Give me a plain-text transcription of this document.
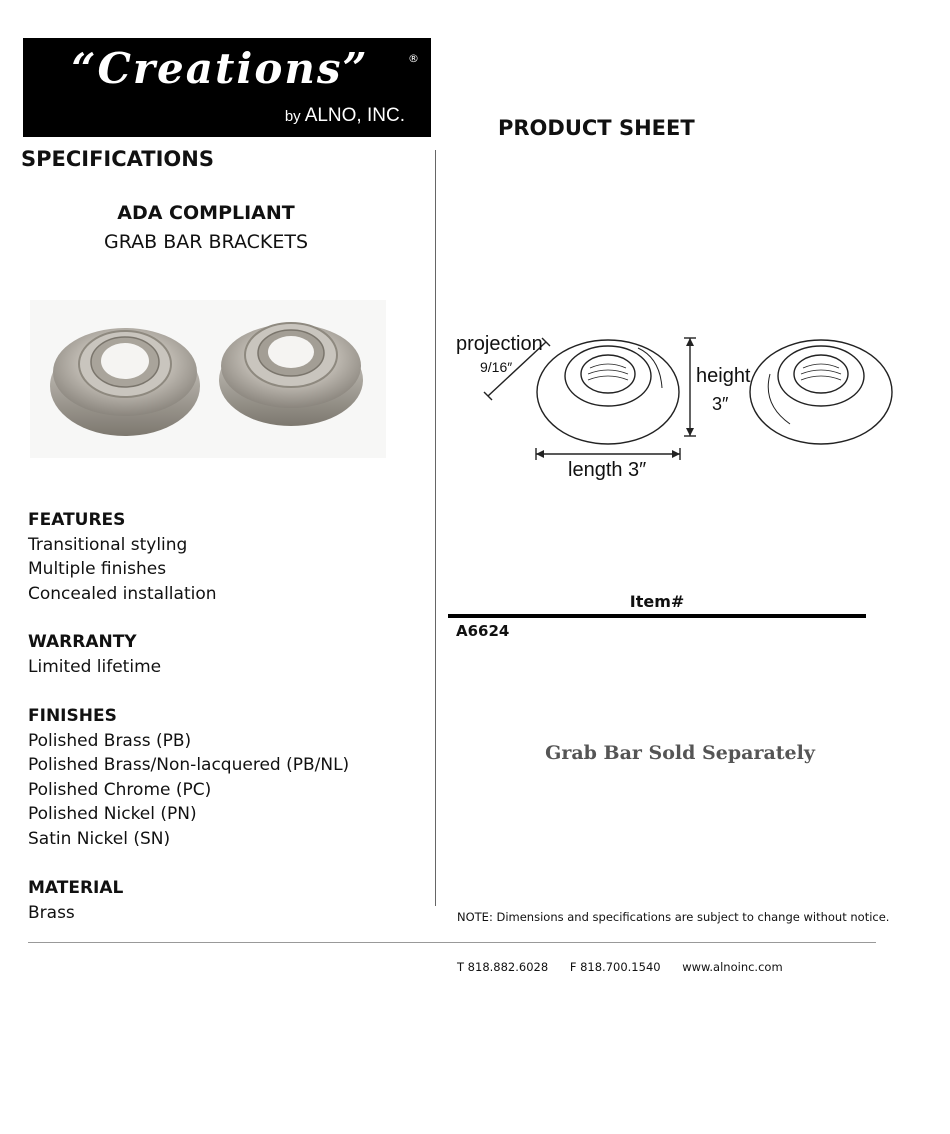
“Creations”	®
by ALNO, INC.
PRODUCT SHEET
SPECIFICATIONS
ADA COMPLIANT
GRAB BAR BRACKETS
FEATURES
Transitional styling
Multiple finishes
Concealed installation
WARRANTY
Limited lifetime
FINISHES
Polished Brass (PB)
Polished Brass/Non-lacquered (PB/NL)
Polished Chrome (PC)
Polished Nickel (PN)
Satin Nickel (SN)
MATERIAL
Brass
projection
9/16″	height
3″
length 3″
Item#
A6624
Grab Bar Sold Separately
NOTE: Dimensions and specifications are subject to change without notice.
T 818.882.6028 F 818.700.1540 www.alnoinc.com
